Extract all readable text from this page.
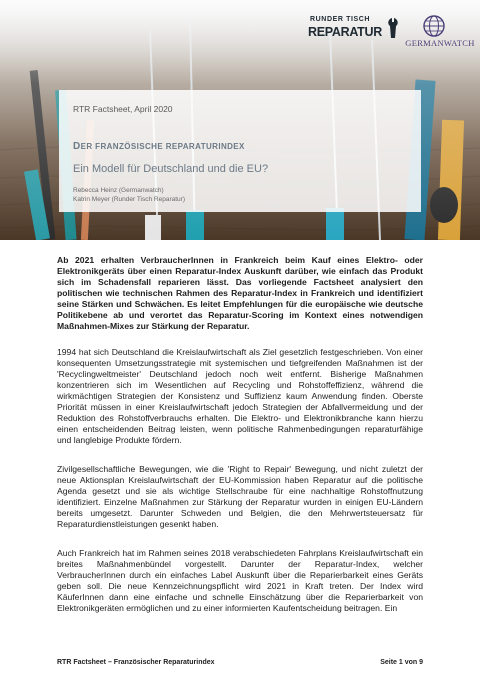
RUNDER TISCH
REPARATUR
GERMANWATCH
RTR Factsheet, April 2020
DER FRANZÖSISCHE REPARATURINDEX
Ein Modell für Deutschland und die EU?
Rebecca Heinz (Germanwatch)
Katrin Meyer (Runder Tisch Reparatur)

Ab 2021 erhalten VerbraucherInnen in Frankreich beim Kauf eines Elektro- oder Elektronikgeräts über einen Reparatur-Index Auskunft darüber, wie einfach das Produkt sich im Schadensfall reparieren lässt. Das vorliegende Factsheet analysiert den politischen wie technischen Rahmen des Reparatur-Index in Frankreich und identifiziert seine Stärken und Schwächen. Es leitet Empfehlungen für die europäische wie deutsche Politikebene ab und verortet das Reparatur-Scoring im Kontext eines notwendigen Maßnahmen-Mixes zur Stärkung der Reparatur.

1994 hat sich Deutschland die Kreislaufwirtschaft als Ziel gesetzlich festgeschrieben. Von einer konsequenten Umsetzungsstrategie mit systemischen und tiefgreifenden Maßnahmen ist der 'Recyclingweltmeister' Deutschland jedoch noch weit entfernt. Bisherige Maßnahmen konzentrieren sich im Wesentlichen auf Recycling und Rohstoffeffizienz, während die wirkmächtigen Strategien der Konsistenz und Suffizienz kaum Anwendung finden. Oberste Priorität müssen in einer Kreislaufwirtschaft jedoch Strategien der Abfallvermeidung und der Reduktion des Rohstoffverbrauchs erhalten. Die Elektro- und Elektronikbranche kann hierzu einen entscheidenden Beitrag leisten, wenn politische Rahmenbedingungen reparaturfähige und langlebige Produkte fördern.

Zivilgesellschaftliche Bewegungen, wie die 'Right to Repair' Bewegung, und nicht zuletzt der neue Aktionsplan Kreislaufwirtschaft der EU-Kommission haben Reparatur auf die politische Agenda gesetzt und sie als wichtige Stellschraube für eine nachhaltige Rohstoffnutzung identifiziert. Einzelne Maßnahmen zur Stärkung der Reparatur wurden in einigen EU-Ländern bereits umgesetzt. Darunter Schweden und Belgien, die den Mehrwertsteuersatz für Reparaturdienstleistungen gesenkt haben.

Auch Frankreich hat im Rahmen seines 2018 verabschiedeten Fahrplans Kreislaufwirtschaft ein breites Maßnahmenbündel vorgestellt. Darunter der Reparatur-Index, welcher VerbraucherInnen durch ein einfaches Label Auskunft über die Reparierbarkeit eines Geräts geben soll. Die neue Kennzeichnungspflicht wird 2021 in Kraft treten. Der Index wird KäuferInnen dann eine einfache und schnelle Einschätzung über die Reparierbarkeit von Elektronikgeräten ermöglichen und zu einer informierten Kaufentscheidung beitragen. Ein

RTR Factsheet – Französischer Reparaturindex	Seite 1 von 9
